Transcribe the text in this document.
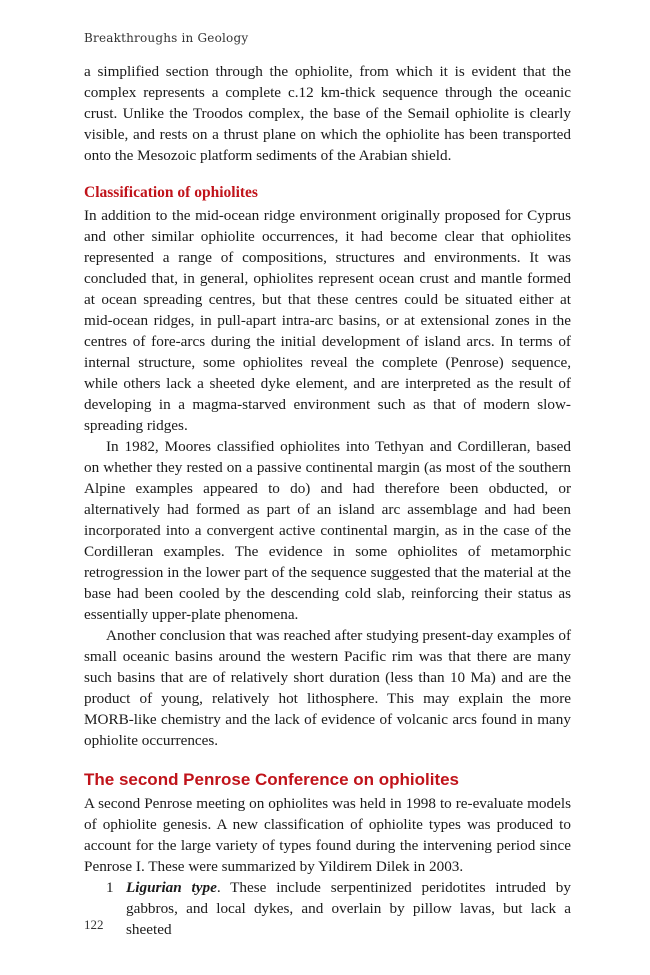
Breakthroughs in Geology

a simplified section through the ophiolite, from which it is evident that the complex represents a complete c.12 km-thick sequence through the oceanic crust. Unlike the Troodos complex, the base of the Semail ophiolite is clearly visible, and rests on a thrust plane on which the ophiolite has been transported onto the Mesozoic platform sediments of the Arabian shield.

Classification of ophiolites

In addition to the mid-ocean ridge environment originally proposed for Cyprus and other similar ophiolite occurrences, it had become clear that ophiolites represented a range of compositions, structures and environments. It was concluded that, in general, ophiolites represent ocean crust and mantle formed at ocean spreading centres, but that these centres could be situated either at mid-ocean ridges, in pull-apart intra-arc basins, or at extensional zones in the centres of fore-arcs during the initial development of island arcs. In terms of internal structure, some ophiolites reveal the complete (Penrose) sequence, while others lack a sheeted dyke element, and are interpreted as the result of developing in a magma-starved environment such as that of modern slow-spreading ridges.

In 1982, Moores classified ophiolites into Tethyan and Cordilleran, based on whether they rested on a passive continental margin (as most of the southern Alpine examples appeared to do) and had therefore been obducted, or alternatively had formed as part of an island arc assemblage and had been incorporated into a convergent active continental margin, as in the case of the Cordilleran examples. The evidence in some ophiolites of metamorphic retrogression in the lower part of the sequence suggested that the material at the base had been cooled by the descending cold slab, reinforcing their status as essentially upper-plate phenomena.

Another conclusion that was reached after studying present-day examples of small oceanic basins around the western Pacific rim was that there are many such basins that are of relatively short duration (less than 10 Ma) and are the product of young, relatively hot lithosphere. This may explain the more MORB-like chemistry and the lack of evidence of volcanic arcs found in many ophiolite occurrences.

The second Penrose Conference on ophiolites

A second Penrose meeting on ophiolites was held in 1998 to re-evaluate models of ophiolite genesis. A new classification of ophiolite types was produced to account for the large variety of types found during the intervening period since Penrose I. These were summarized by Yildirem Dilek in 2003.

1 Ligurian type. These include serpentinized peridotites intruded by gabbros, and local dykes, and overlain by pillow lavas, but lack a sheeted
122
